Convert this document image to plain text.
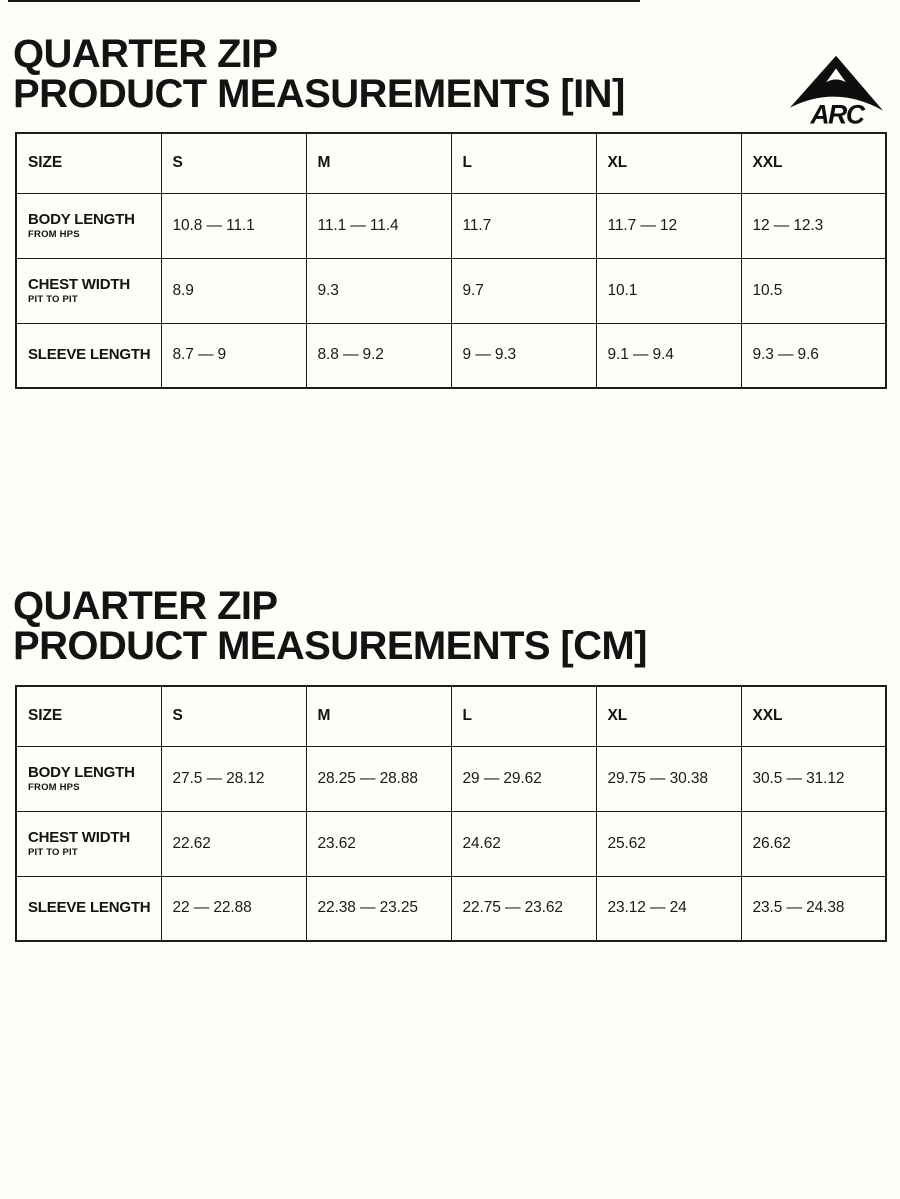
QUARTER ZIP
PRODUCT MEASUREMENTS [IN]	ARC
SIZE	S	M	L	XL	XXL

BODY LENGTH
FROM HPS	10.8 — 11.1	11.1 — 11.4	11.7	11.7 — 12	12 — 12.3

CHEST WIDTH
PIT TO PIT	8.9	9.3	9.7	10.1	10.5

SLEEVE LENGTH	8.7 — 9	8.8 — 9.2	9 — 9.3	9.1 — 9.4	9.3 — 9.6
QUARTER ZIP
PRODUCT MEASUREMENTS [CM]
SIZE	S	M	L	XL	XXL

BODY LENGTH
FROM HPS	27.5 — 28.12	28.25 — 28.88	29 — 29.62	29.75 — 30.38	30.5 — 31.12

CHEST WIDTH
PIT TO PIT	22.62	23.62	24.62	25.62	26.62

SLEEVE LENGTH	22 — 22.88	22.38 — 23.25	22.75 — 23.62	23.12 — 24	23.5 — 24.38
